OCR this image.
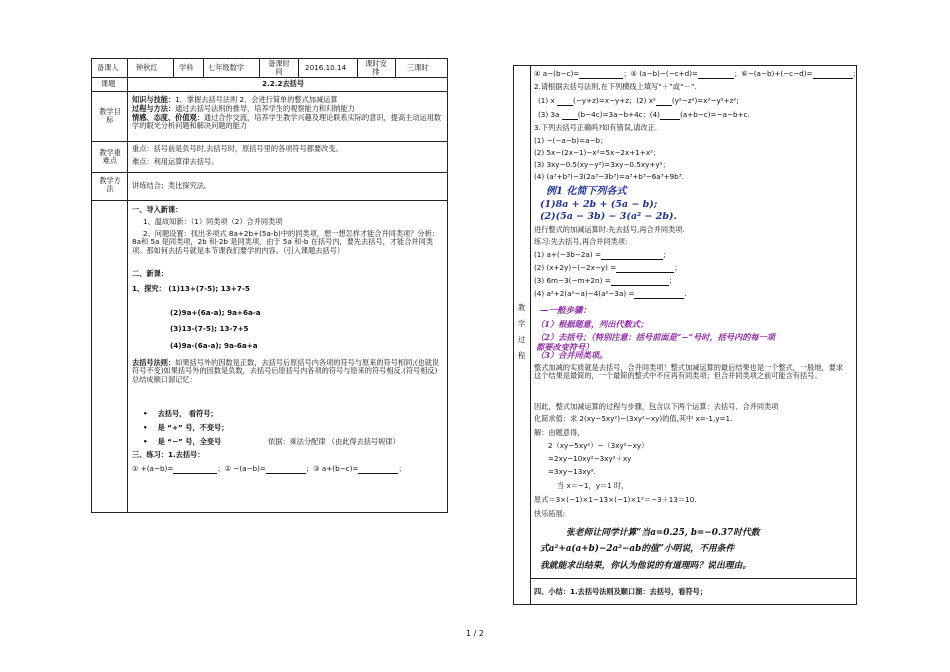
备课人 钟秋红	学科 七年级数学	备课时间	2016.10.14	课时安排	三课时
课题	2.2.2去括号
教学目标
知识与技能：1．掌握去括号法则 2．会进行简单的整式加减运算
过程与方法：通过去括号法则的推导，培养学生的观察能力和归纳能力
情感、态度、价值观：通过合作交流，培养学生教学兴趣及理论联系实际的意识，提高主动运用数学的眼光分析问题和解决问题的能力
教学重难点
重点：括号前是负号时,去括号时，原括号里的各项符号都要改变。
难点：利用运算律去括号。
教学方法	讲练结合；类比探究法。
一、导入新课：
1、温故知新：（1）同类项（2）合并同类项
2、问题设置：找出多项式 8a+2b+(5a-b)中的同类项，想一想怎样才能合并同类项？分析：8a和 5a 是同类项，2b 和-2b 是同类项，由于 5a 和-b 在括号内，要先去括号，才能合并同类项。那如何去括号就是本节课我们要学的内容。（引入课题去括号）
二、新课：
1、探究： (1)13+(7-5); 13+7-5
(2)9a+(6a-a); 9a+6a-a
(3)13-(7-5); 13-7+5
(4)9a-(6a-a); 9a-6a+a
去括号法则：如果括号外的因数是正数，去括号后原括号内各项的符号与原来的符号相同;(也就说符号不变)如果括号外的因数是负数，去括号后原括号内各项的符号与原来的符号相反.(符号相反) 总结成顺口溜记忆：
•    去括号， 看符号；
•    是 “+” 号，不变号；
•    是 “−” 号，全变号	依据：乘法分配律 （由此得去括号规律）
三、练习：1.去括号：
① +(a−b)=	；② −(a−b)=	；③ a+(b−c)=	；
教
学
过
程
④ a−(b−c)=	；⑤ (a−b)−(−c+d)=	；⑥−(a−b)+(−c−d)=	；
2.请根据去括号法则,在下列横线上填写“＋”或“－”.
(1) x	(−y+z)=x−y+z；(2) x² (y²−z²)=x²−y²+z²;
(3) 3a	(b−4c)=3a−b+4c；(4)	(a+b−c)=−a−b+c.
3.下列去括号正确吗?如有错误,请改正.
(1) −(−a−b)=a−b；
(2) 5x−(2x−1)−x²=5x−2x+1+x²；
(3) 3xy−0.5(xy−y²)=3xy−0.5xy+y²；
(4) (a³+b³)−3(2a³−3b³)=a³+b³−6a³+9b³.
例1 化简下列各式
(1)8a + 2b + (5a − b);
(2)(5a − 3b) − 3(a² − 2b).
进行整式的加减运算时:先去括号,再合并同类项.
练习:先去括号,再合并同类项:
(1) a+(−3b−2a) =	；
(2) (x+2y)−(−2x−y) =	；
(3) 6m−3(−m+2n) =	；
(4) a²+2(a²−a)−4(a²−3a) =	.
—一般步骤：
（1）根据题意，列出代数式；
（2）去括号；（特别注意：括号前面是“−”号时，括号内的每一项都要改变符号）
（3）合并同类项。
整式加减的实质就是去括号，合并同类项！整式加减运算的最后结果也是一个整式，一般地，要求这个结果是最简的，一个最简的整式中不应再有同类项；但合并同类项之前可能含有括号。
因此，整式加减运算的过程与步骤，包含以下两个运算：去括号、合并同类项
化简求值：求 2(xy−5xy²)−(3xy²−xy)的值,其中 x=-1,y=1.
解：由题意得，
2（xy−5xy²）−（3xy²−xy）
=2xy−10xy²−3xy²＋xy
=3xy−13xy².
当 x＝−1，y＝1 时，
原式＝3×(−1)×1−13×(−1)×1²＝−3＋13＝10.
快乐拓展:
张老师让同学计算“当a=0.25, b=−0.37时代数
式a²+a(a+b)−2a²−ab的值”小明说，不用条件
我就能求出结果，你认为他说的有道理吗？说出理由。
四、小结：1.去括号法则及顺口溜：去括号，看符号；
1 / 2
